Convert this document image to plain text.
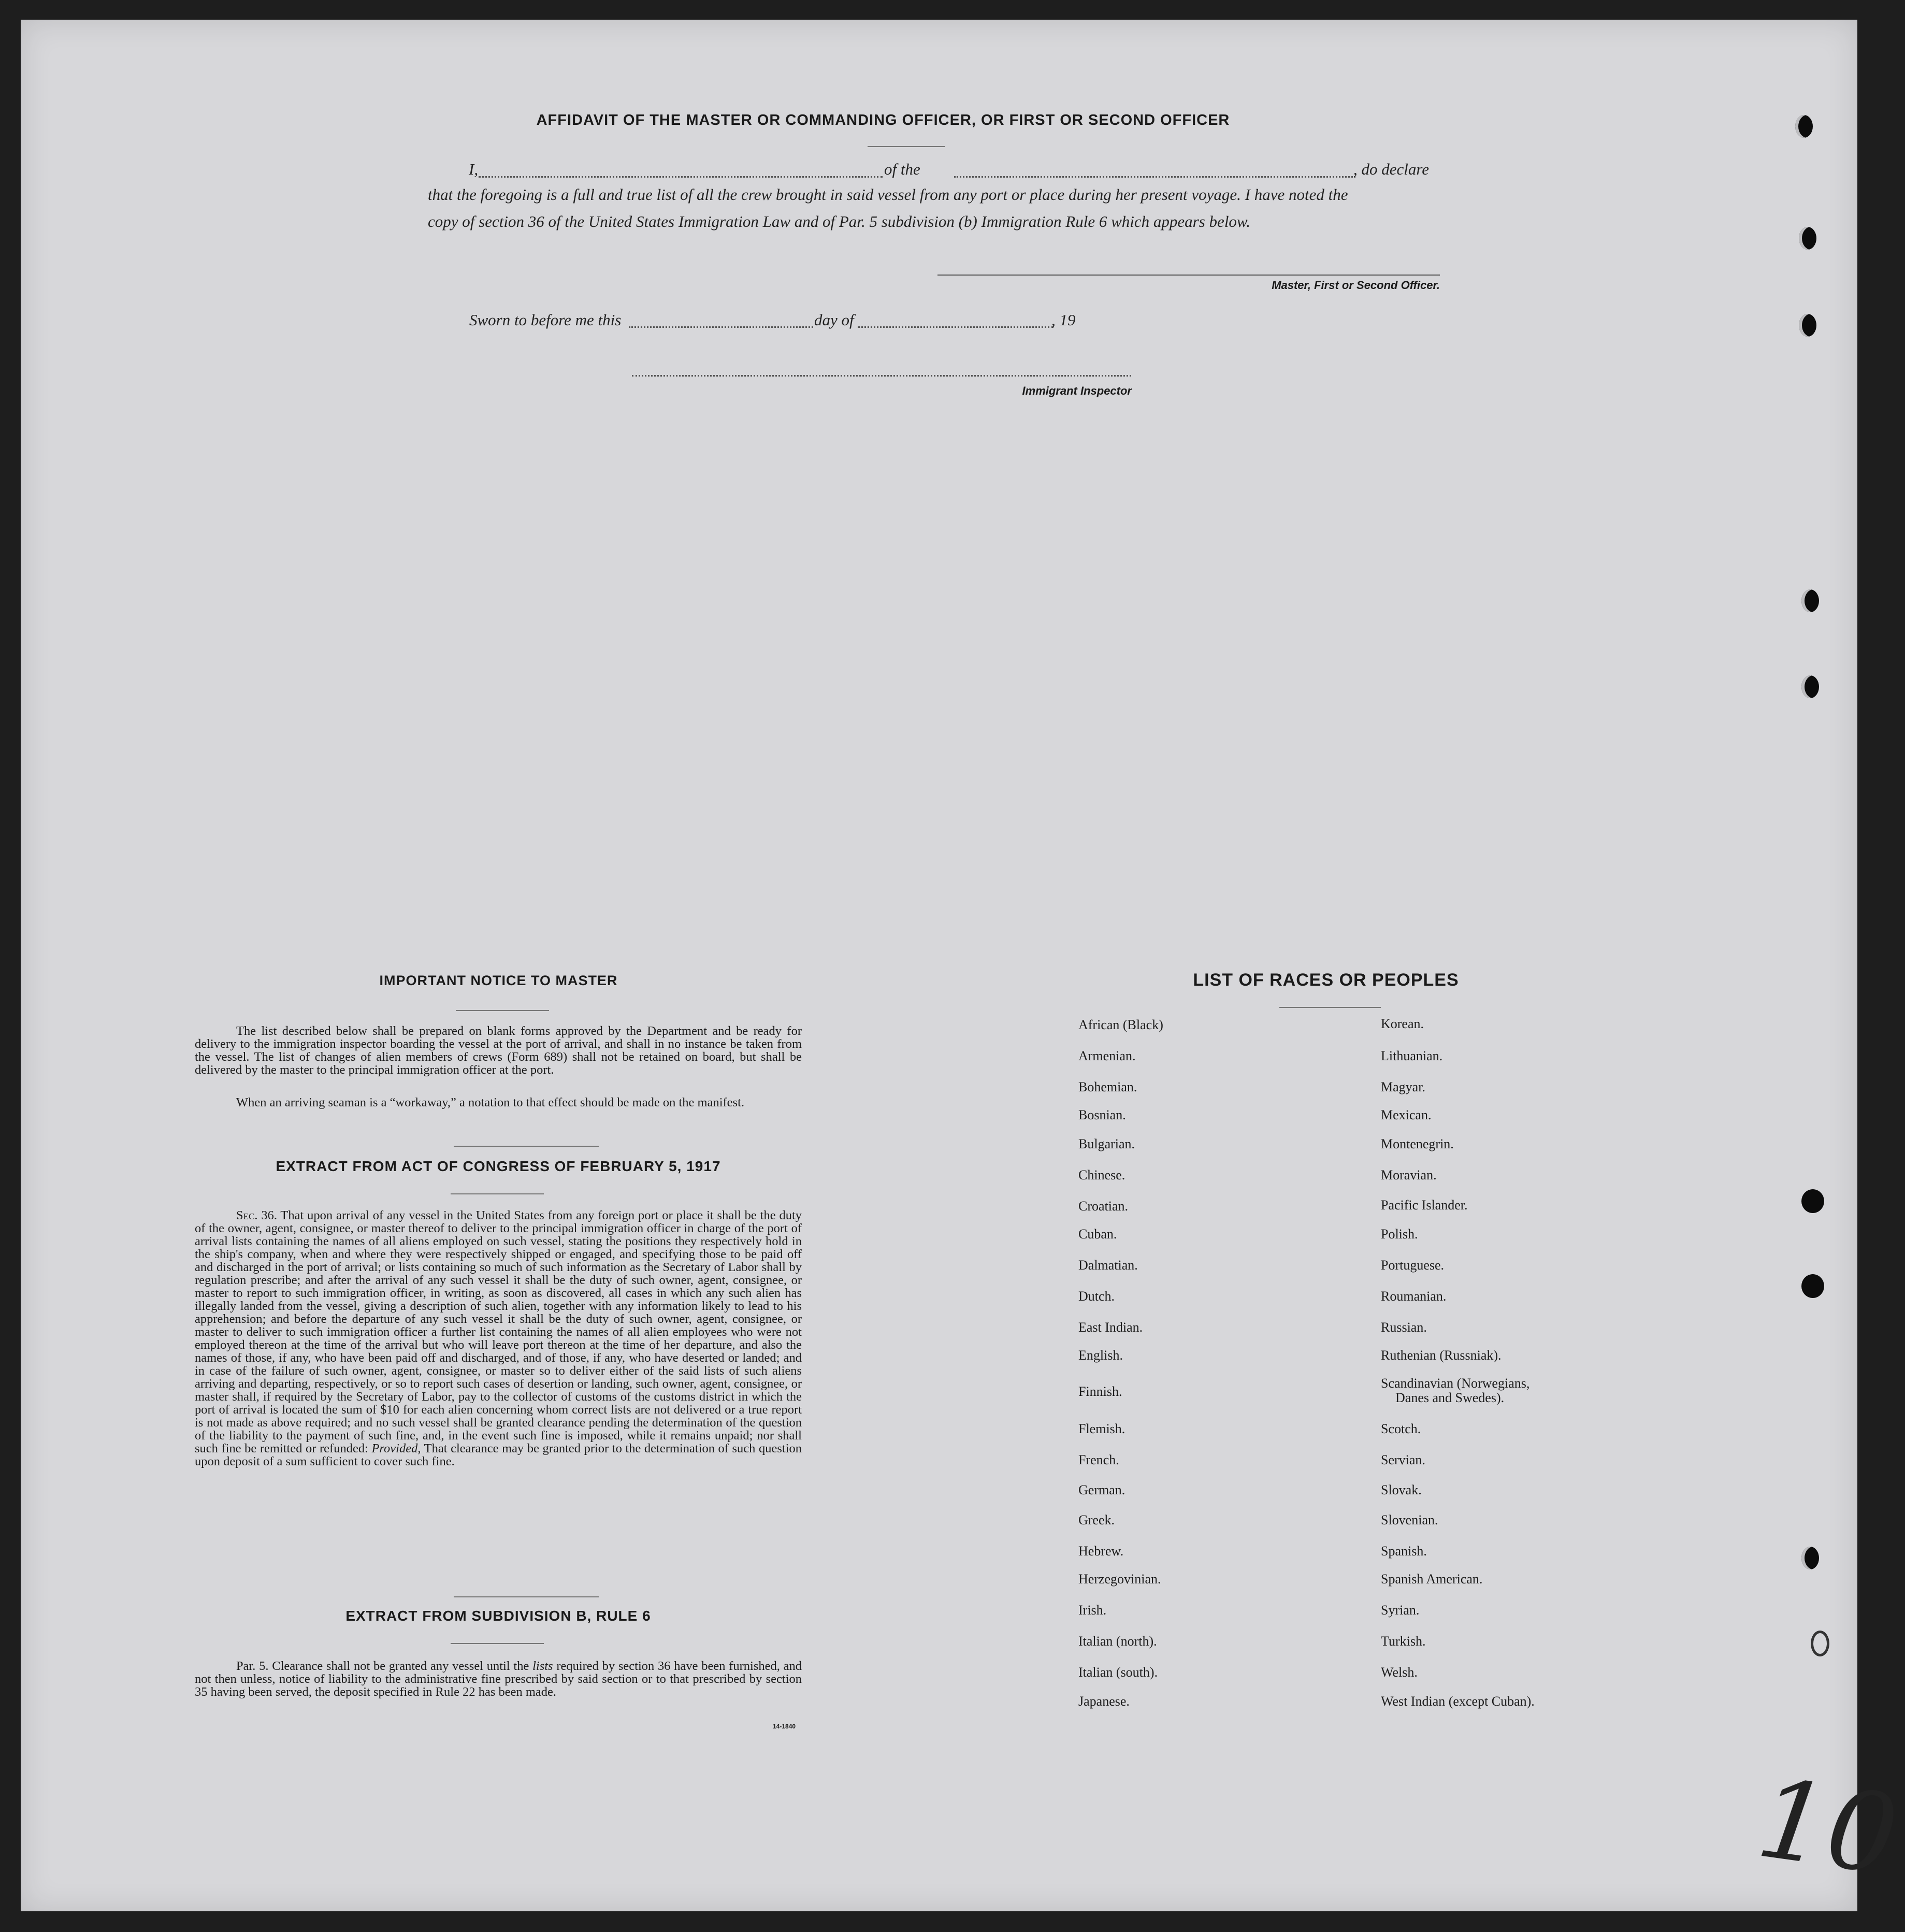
AFFIDAVIT OF THE MASTER OR COMMANDING OFFICER, OR FIRST OR SECOND OFFICER
I,	of the	, do declare
that the foregoing is a full and true list of all the crew brought in said vessel from any port or place during her present voyage. I have noted the
copy of section 36 of the United States Immigration Law and of Par. 5 subdivision (b) Immigration Rule 6 which appears below.
Master, First or Second Officer.
Sworn to before me this	day of	, 19
Immigrant Inspector
IMPORTANT NOTICE TO MASTER
The list described below shall be prepared on blank forms approved by the Department and be ready for delivery to the immigration inspector boarding the vessel at the port of arrival, and shall in no instance be taken from the vessel. The list of changes of alien members of crews (Form 689) shall not be retained on board, but shall be delivered by the master to the principal immigration officer at the port.
When an arriving seaman is a “workaway,” a notation to that effect should be made on the manifest.
EXTRACT FROM ACT OF CONGRESS OF FEBRUARY 5, 1917
Sec. 36. That upon arrival of any vessel in the United States from any foreign port or place it shall be the duty of the owner, agent, consignee, or master thereof to deliver to the principal immigration officer in charge of the port of arrival lists containing the names of all aliens employed on such vessel, stating the positions they respectively hold in the ship's company, when and where they were respectively shipped or engaged, and specifying those to be paid off and discharged in the port of arrival; or lists containing so much of such information as the Secretary of Labor shall by regulation prescribe; and after the arrival of any such vessel it shall be the duty of such owner, agent, consignee, or master to report to such immigration officer, in writing, as soon as discovered, all cases in which any such alien has illegally landed from the vessel, giving a description of such alien, together with any information likely to lead to his apprehension; and before the departure of any such vessel it shall be the duty of such owner, agent, consignee, or master to deliver to such immigration officer a further list containing the names of all alien employees who were not employed thereon at the time of the arrival but who will leave port thereon at the time of her departure, and also the names of those, if any, who have been paid off and discharged, and of those, if any, who have deserted or landed; and in case of the failure of such owner, agent, consignee, or master so to deliver either of the said lists of such aliens arriving and departing, respectively, or so to report such cases of desertion or landing, such owner, agent, consignee, or master shall, if required by the Secretary of Labor, pay to the collector of customs of the customs district in which the port of arrival is located the sum of $10 for each alien concerning whom correct lists are not delivered or a true report is not made as above required; and no such vessel shall be granted clearance pending the determination of the question of the liability to the payment of such fine, and, in the event such fine is imposed, while it remains unpaid; nor shall such fine be remitted or refunded: Provided, That clearance may be granted prior to the determination of such question upon deposit of a sum sufficient to cover such fine.
EXTRACT FROM SUBDIVISION B, RULE 6
Par. 5. Clearance shall not be granted any vessel until the lists required by section 36 have been furnished, and not then unless, notice of liability to the administrative fine prescribed by said section or to that prescribed by section 35 having been served, the deposit specified in Rule 22 has been made.
14-1840
LIST OF RACES OR PEOPLES
African (Black)
Armenian.
Bohemian.
Bosnian.
Bulgarian.
Chinese.
Croatian.
Cuban.
Dalmatian.
Dutch.
East Indian.
English.
Finnish.
Flemish.
French.
German.
Greek.
Hebrew.
Herzegovinian.
Irish.
Italian (north).
Italian (south).
Japanese.
Korean.
Lithuanian.
Magyar.
Mexican.
Montenegrin.
Moravian.
Pacific Islander.
Polish.
Portuguese.
Roumanian.
Russian.
Ruthenian (Russniak).
Scandinavian (Norwegians,
Danes and Swedes).
Scotch.
Servian.
Slovak.
Slovenian.
Spanish.
Spanish American.
Syrian.
Turkish.
Welsh.
West Indian (except Cuban).
10
